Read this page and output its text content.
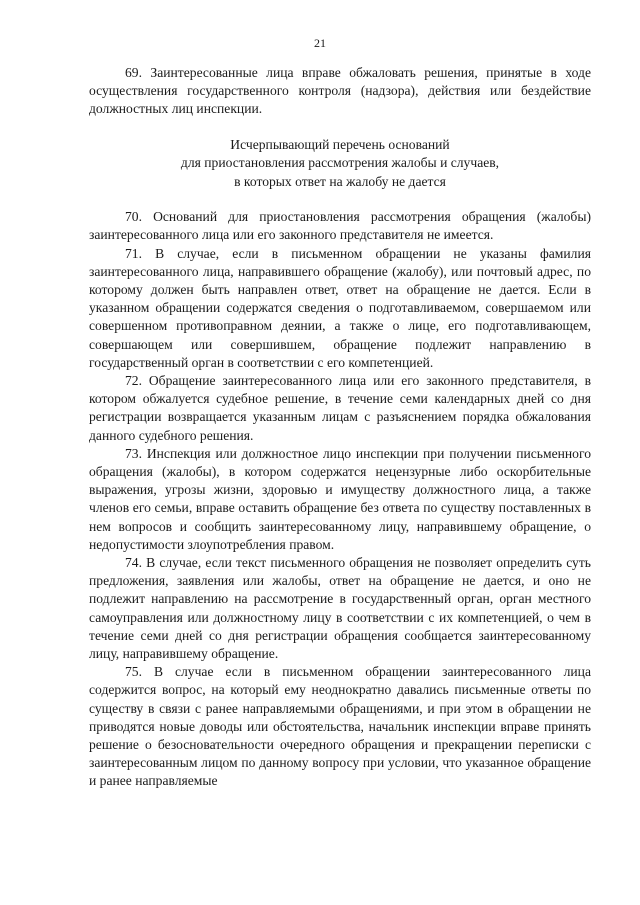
21

69. Заинтересованные лица вправе обжаловать решения, принятые в ходе осуществления государственного контроля (надзора), действия или бездействие должностных лиц инспекции.

Исчерпывающий перечень оснований
для приостановления рассмотрения жалобы и случаев,
в которых ответ на жалобу не дается

70. Оснований для приостановления рассмотрения обращения (жалобы) заинтересованного лица или его законного представителя не имеется.

71. В случае, если в письменном обращении не указаны фамилия заинтересованного лица, направившего обращение (жалобу), или почтовый адрес, по которому должен быть направлен ответ, ответ на обращение не дается. Если в указанном обращении содержатся сведения о подготавливаемом, совершаемом или совершенном противоправном деянии, а также о лице, его подготавливающем, совершающем или совершившем, обращение подлежит направлению в государственный орган в соответствии с его компетенцией.

72. Обращение заинтересованного лица или его законного представителя, в котором обжалуется судебное решение, в течение семи календарных дней со дня регистрации возвращается указанным лицам с разъяснением порядка обжалования данного судебного решения.

73. Инспекция или должностное лицо инспекции при получении письменного обращения (жалобы), в котором содержатся нецензурные либо оскорбительные выражения, угрозы жизни, здоровью и имуществу должностного лица, а также членов его семьи, вправе оставить обращение без ответа по существу поставленных в нем вопросов и сообщить заинтересованному лицу, направившему обращение, о недопустимости злоупотребления правом.

74. В случае, если текст письменного обращения не позволяет определить суть предложения, заявления или жалобы, ответ на обращение не дается, и оно не подлежит направлению на рассмотрение в государственный орган, орган местного самоуправления или должностному лицу в соответствии с их компетенцией, о чем в течение семи дней со дня регистрации обращения сообщается заинтересованному лицу, направившему обращение.

75. В случае если в письменном обращении заинтересованного лица содержится вопрос, на который ему неоднократно давались письменные ответы по существу в связи с ранее направляемыми обращениями, и при этом в обращении не приводятся новые доводы или обстоятельства, начальник инспекции вправе принять решение о безосновательности очередного обращения и прекращении переписки с заинтересованным лицом по данному вопросу при условии, что указанное обращение и ранее направляемые
